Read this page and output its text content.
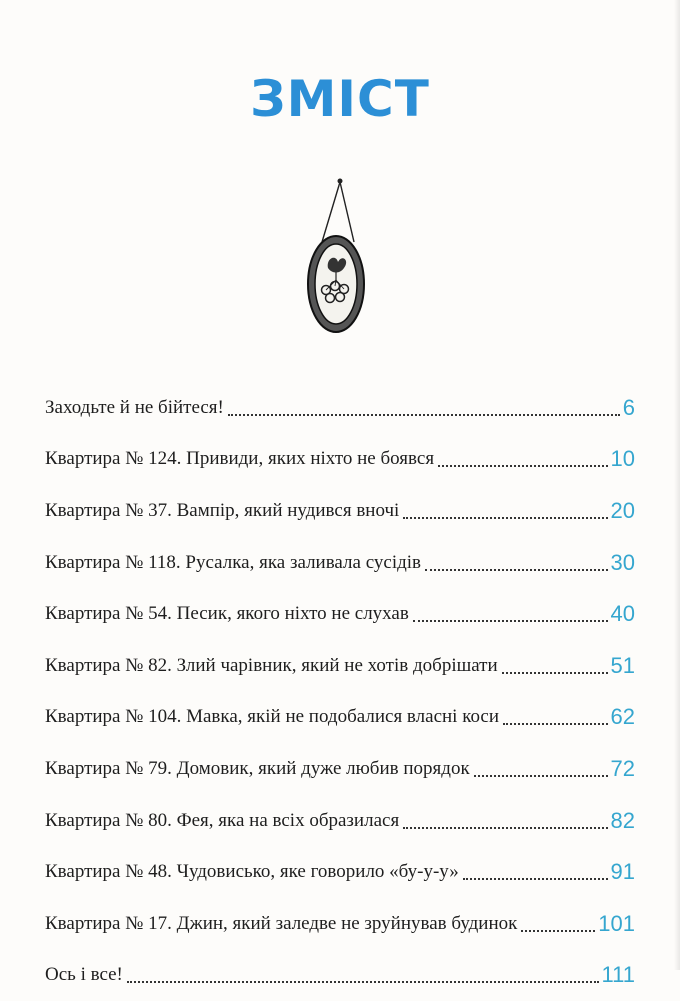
ЗМІСТ
Заходьте й не бійтеся!	6
Квартира № 124. Привиди, яких ніхто не боявся	10
Квартира № 37. Вампір, який нудився вночі	20
Квартира № 118. Русалка, яка заливала сусідів	30
Квартира № 54. Песик, якого ніхто не слухав	40
Квартира № 82. Злий чарівник, який не хотів добрішати	51
Квартира № 104. Мавка, якій не подобалися власні коси	62
Квартира № 79. Домовик, який дуже любив порядок	72
Квартира № 80. Фея, яка на всіх образилася	82
Квартира № 48. Чудовисько, яке говорило «бу-у-у»	91
Квартира № 17. Джин, який заледве не зруйнував будинок	101
Ось і все!	111
